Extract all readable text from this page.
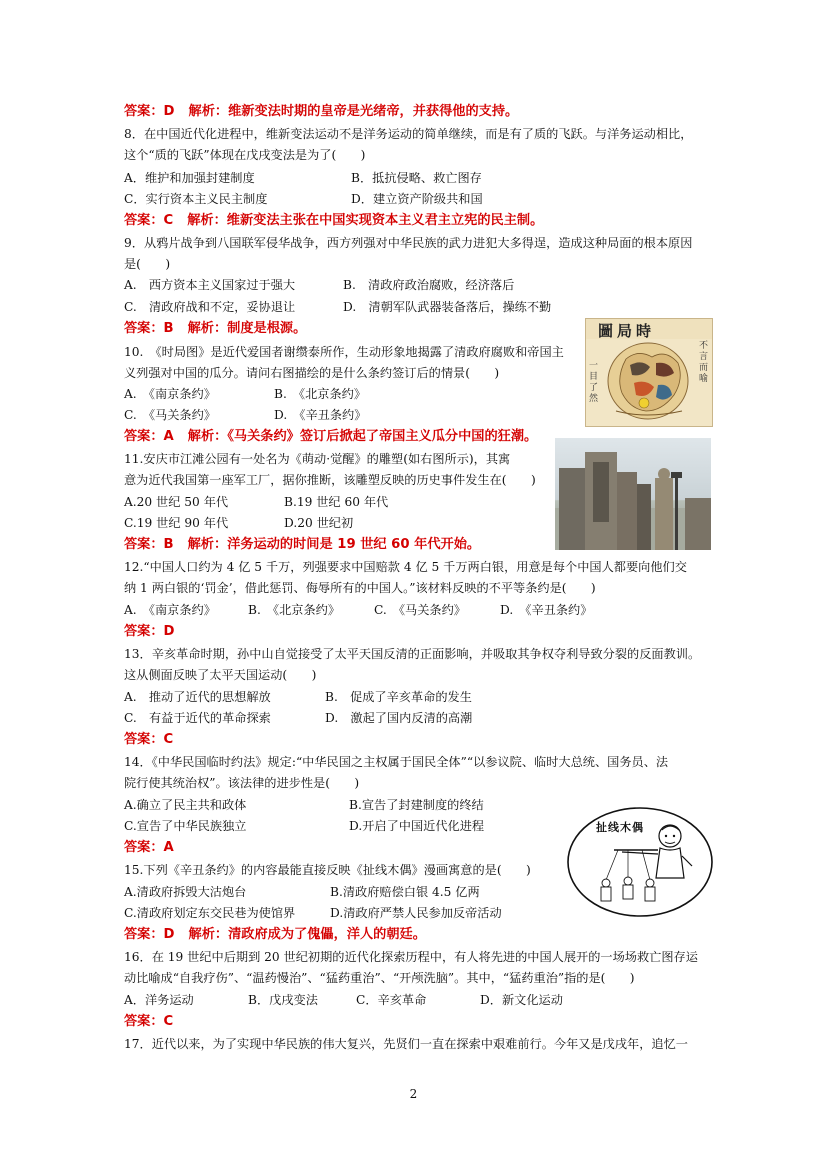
答案：D 解析：维新变法时期的皇帝是光绪帝，并获得他的支持。
8．在中国近代化进程中，维新变法运动不是洋务运动的简单继续，而是有了质的飞跃。与洋务运动相比，
这个“质的飞跃”体现在戊戌变法是为了(　　)
A．维护和加强封建制度	B．抵抗侵略、救亡图存
C．实行资本主义民主制度	D．建立资产阶级共和国
答案：C 解析：维新变法主张在中国实现资本主义君主立宪的民主制。
9．从鸦片战争到八国联军侵华战争，西方列强对中华民族的武力进犯大多得逞，造成这种局面的根本原因
是(　　)
A.　西方资本主义国家过于强大	B.　清政府政治腐败，经济落后
C.　清政府战和不定，妥协退让	D.　清朝军队武器装备落后，操练不勤
答案：B 解析：制度是根源。
10.　《时局图》是近代爱国者谢缵泰所作，生动形象地揭露了清政府腐败和帝国主
义列强对中国的瓜分。请问右图描绘的是什么条约签订后的情景(　　)
A.　《南京条约》	B.　《北京条约》
C.　《马关条约》	D.　《辛丑条约》
圖局時
一目了然
不言而喻
答案：A 解析：《马关条约》签订后掀起了帝国主义瓜分中国的狂潮。
11.安庆市江滩公园有一处名为《萌动·觉醒》的雕塑(如右图所示)，其寓
意为近代我国第一座军工厂，据你推断，该雕塑反映的历史事件发生在(　　)
A.20 世纪 50 年代	B.19 世纪 60 年代
C.19 世纪 90 年代	D.20 世纪初
答案：B 解析：洋务运动的时间是 19 世纪 60 年代开始。
12.“中国人口约为 4 亿 5 千万，列强要求中国赔款 4 亿 5 千万两白银，用意是每个中国人都要向他们交
纳 1 两白银的‘罚金’，借此惩罚、侮辱所有的中国人。”该材料反映的不平等条约是(　　)
A.　《南京条约》	B.　《北京条约》	C.　《马关条约》	D.　《辛丑条约》
答案：D
13．辛亥革命时期，孙中山自觉接受了太平天国反清的正面影响，并吸取其争权夺利导致分裂的反面教训。
这从侧面反映了太平天国运动(　　)
A.　推动了近代的思想解放	B.　促成了辛亥革命的发生
C.　有益于近代的革命探索	D.　激起了国内反清的高潮
答案：C
14．《中华民国临时约法》规定:“中华民国之主权属于国民全体”“以参议院、临时大总统、国务员、法
院行使其统治权”。该法律的进步性是(　　)
A.确立了民主共和政体	B.宣告了封建制度的终结
C.宣告了中华民族独立	D.开启了中国近代化进程
答案：A
扯线木偶
15.下列《辛丑条约》的内容最能直接反映《扯线木偶》漫画寓意的是(　　)
A.清政府拆毁大沽炮台	B.清政府赔偿白银 4.5 亿两
C.清政府划定东交民巷为使馆界	D.清政府严禁人民参加反帝活动
答案：D 解析：清政府成为了傀儡，洋人的朝廷。
16．在 19 世纪中后期到 20 世纪初期的近代化探索历程中，有人将先进的中国人展开的一场场救亡图存运
动比喻成“自我疗伤”、“温药慢治”、“猛药重治”、“开颅洗脑”。其中，“猛药重治”指的是(　　)
A．洋务运动	B．戊戌变法	C．辛亥革命	D．新文化运动
答案：C
17．近代以来，为了实现中华民族的伟大复兴，先贤们一直在探索中艰难前行。今年又是戊戌年，追忆一
2
